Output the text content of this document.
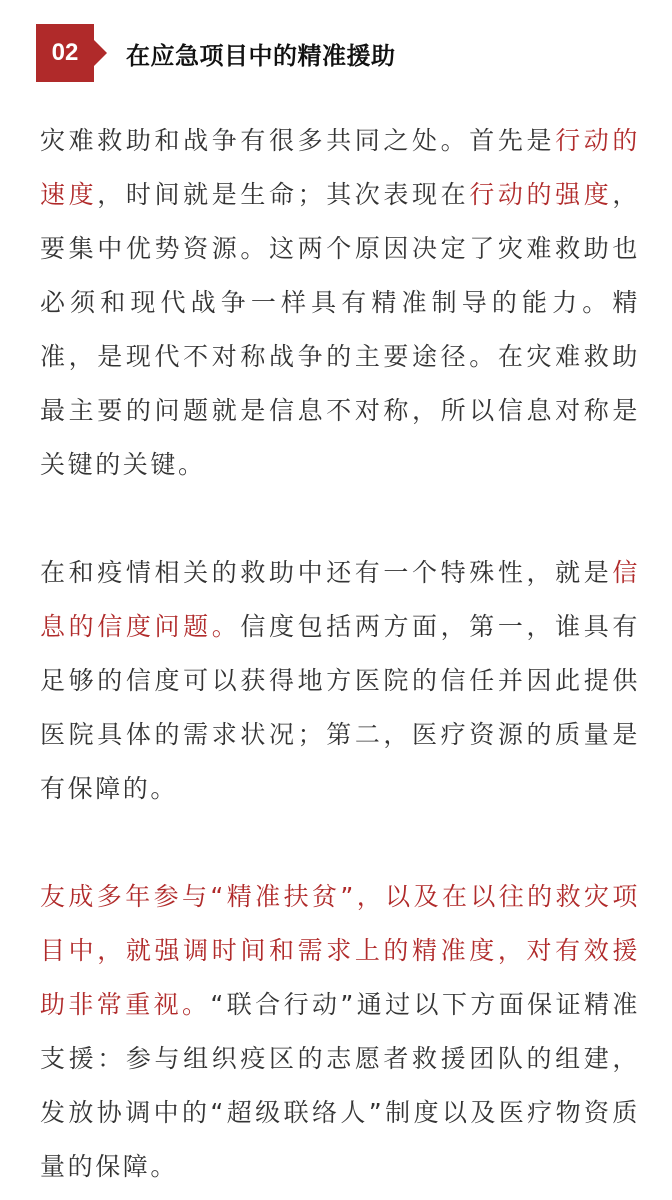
02 在应急项目中的精准援助

灾难救助和战争有很多共同之处。首先是行动的速度，时间就是生命；其次表现在行动的强度，要集中优势资源。这两个原因决定了灾难救助也必须和现代战争一样具有精准制导的能力。精准，是现代不对称战争的主要途径。在灾难救助最主要的问题就是信息不对称，所以信息对称是关键的关键。

在和疫情相关的救助中还有一个特殊性，就是信息的信度问题。信度包括两方面，第一，谁具有足够的信度可以获得地方医院的信任并因此提供医院具体的需求状况；第二，医疗资源的质量是有保障的。

友成多年参与“精准扶贫”，以及在以往的救灾项目中，就强调时间和需求上的精准度，对有效援助非常重视。“联合行动”通过以下方面保证精准支援：参与组织疫区的志愿者救援团队的组建，发放协调中的“超级联络人”制度以及医疗物资质量的保障。
